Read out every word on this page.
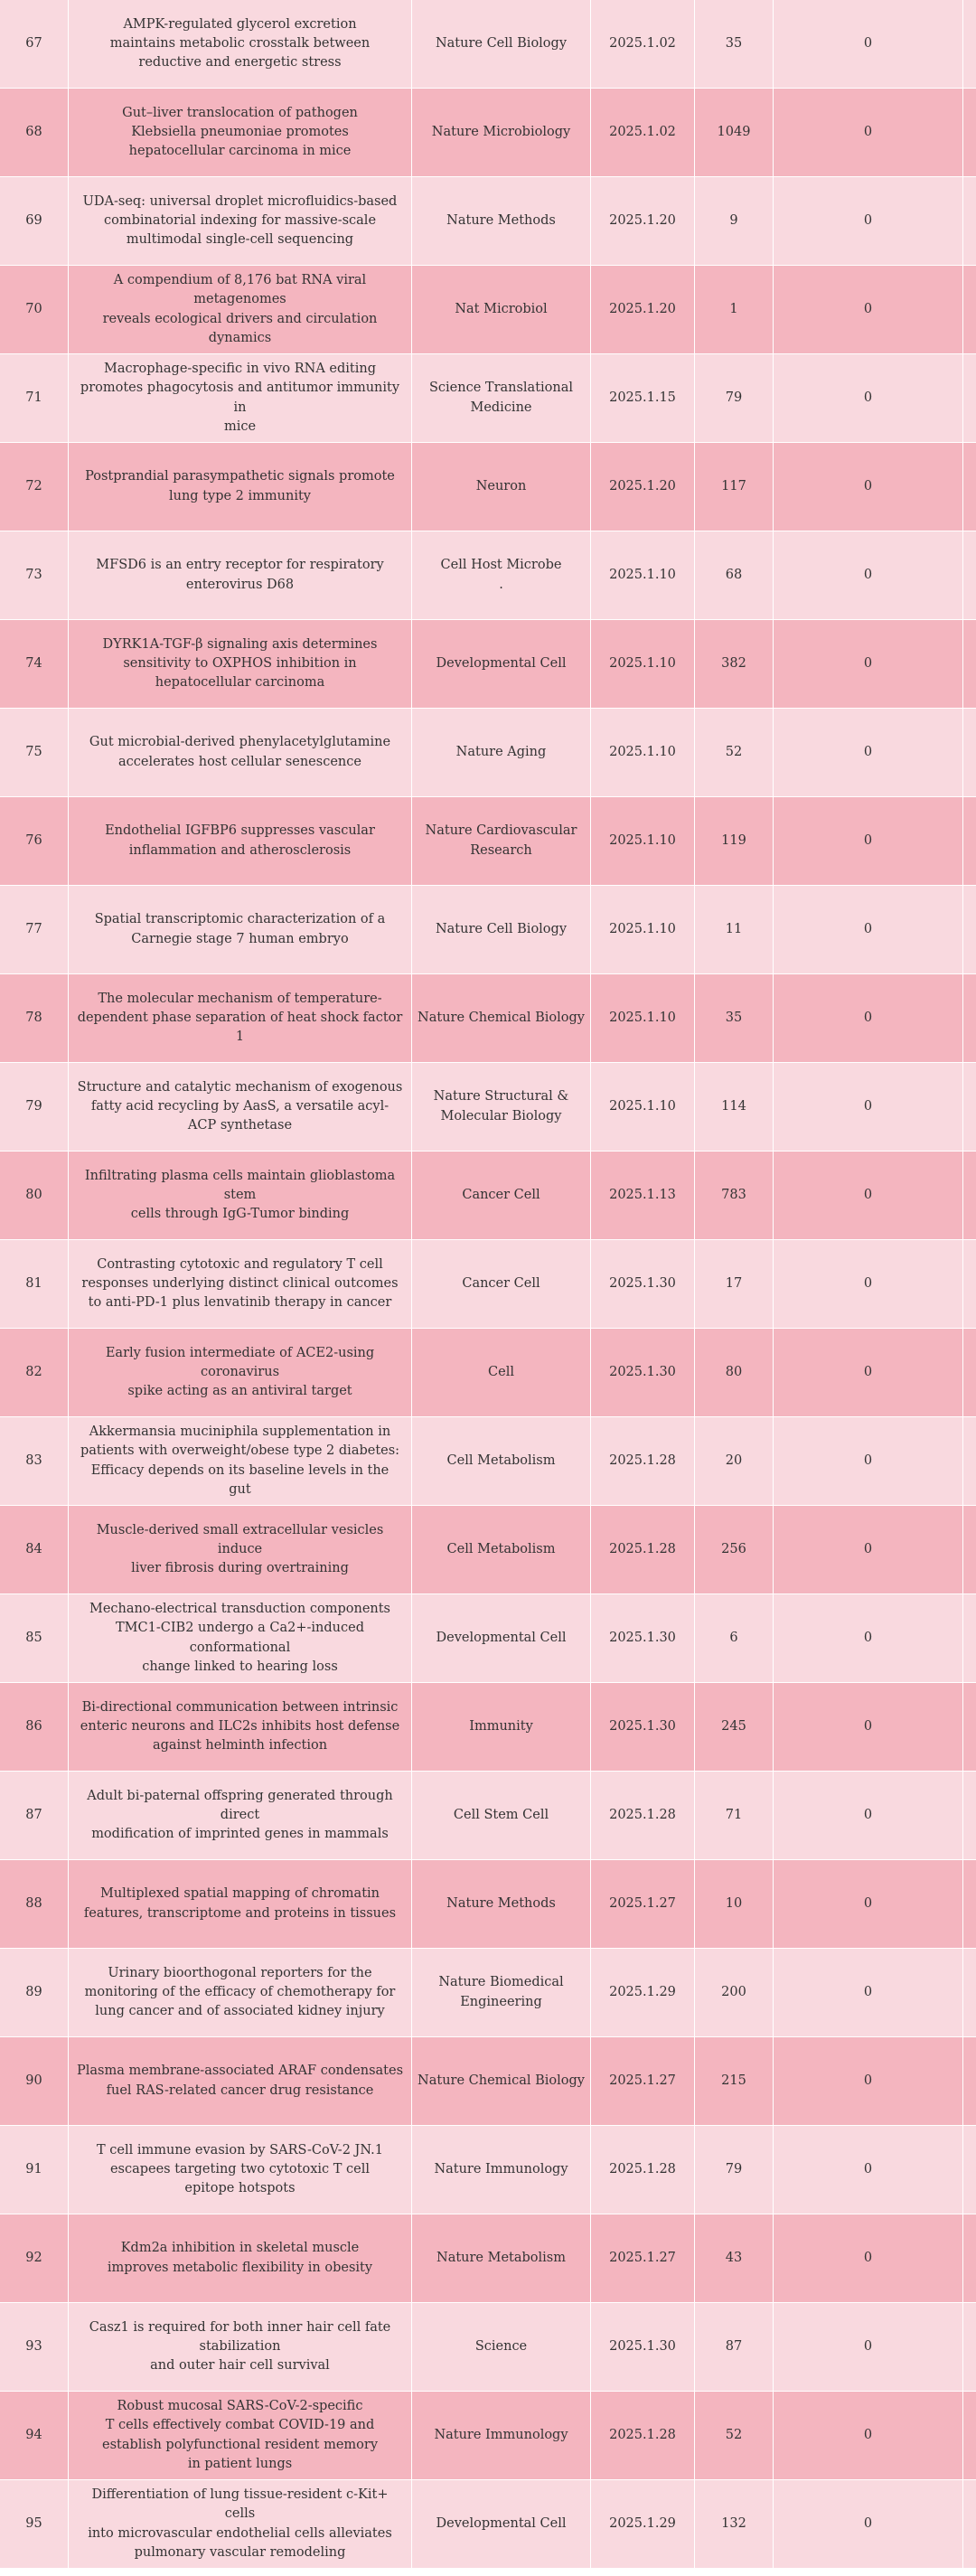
67
AMPK-regulated glycerol excretion
maintains metabolic crosstalk between
reductive and energetic stress
Nature Cell Biology	2025.1.02	35	0
68
Gut–liver translocation of pathogen
Klebsiella pneumoniae promotes
hepatocellular carcinoma in mice
Nature Microbiology	2025.1.02	1049	0
69
UDA-seq: universal droplet microfluidics-based
combinatorial indexing for massive-scale
multimodal single-cell sequencing
Nature Methods	2025.1.20	9	0
70
A compendium of 8,176 bat RNA viral metagenomes
reveals ecological drivers and circulation
dynamics
Nat Microbiol	2025.1.20	1	0
71
Macrophage-specific in vivo RNA editing
promotes phagocytosis and antitumor immunity in
mice
Science Translational
Medicine
2025.1.15	79	0
72
Postprandial parasympathetic signals promote
lung type 2 immunity
Neuron	2025.1.20	117	0
73
MFSD6 is an entry receptor for respiratory
enterovirus D68
Cell Host Microbe
.
2025.1.10	68	0
74
DYRK1A-TGF-β signaling axis determines
sensitivity to OXPHOS inhibition in
hepatocellular carcinoma
Developmental Cell	2025.1.10	382	0
75
Gut microbial-derived phenylacetylglutamine
accelerates host cellular senescence
Nature Aging	2025.1.10	52	0
76
Endothelial IGFBP6 suppresses vascular
inflammation and atherosclerosis
Nature Cardiovascular
Research
2025.1.10	119	0
77
Spatial transcriptomic characterization of a
Carnegie stage 7 human embryo
Nature Cell Biology	2025.1.10	11	0
78
The molecular mechanism of temperature-
dependent phase separation of heat shock factor
1
Nature Chemical Biology	2025.1.10	35	0
79
Structure and catalytic mechanism of exogenous
fatty acid recycling by AasS, a versatile acyl-
ACP synthetase
Nature Structural &
Molecular Biology
2025.1.10	114	0
80
Infiltrating plasma cells maintain glioblastoma
stem
cells through IgG-Tumor binding
Cancer Cell	2025.1.13	783	0
81
Contrasting cytotoxic and regulatory T cell
responses underlying distinct clinical outcomes
to anti-PD-1 plus lenvatinib therapy in cancer
Cancer Cell	2025.1.30	17	0
82
Early fusion intermediate of ACE2-using
coronavirus
spike acting as an antiviral target
Cell	2025.1.30	80	0
83
Akkermansia muciniphila supplementation in
patients with overweight/obese type 2 diabetes:
Efficacy depends on its baseline levels in the
gut
Cell Metabolism	2025.1.28	20	0
84
Muscle-derived small extracellular vesicles
induce
liver fibrosis during overtraining
Cell Metabolism	2025.1.28	256	0
85
Mechano-electrical transduction components
TMC1-CIB2 undergo a Ca2+-induced conformational
change linked to hearing loss
Developmental Cell	2025.1.30	6	0
86
Bi-directional communication between intrinsic
enteric neurons and ILC2s inhibits host defense
against helminth infection
Immunity	2025.1.30	245	0
87
Adult bi-paternal offspring generated through
direct
modification of imprinted genes in mammals
Cell Stem Cell	2025.1.28	71	0
88
Multiplexed spatial mapping of chromatin
features, transcriptome and proteins in tissues
Nature Methods	2025.1.27	10	0
89
Urinary bioorthogonal reporters for the
monitoring of the efficacy of chemotherapy for
lung cancer and of associated kidney injury
Nature Biomedical
Engineering
2025.1.29	200	0
90
Plasma membrane-associated ARAF condensates
fuel RAS-related cancer drug resistance
Nature Chemical Biology	2025.1.27	215	0
91
T cell immune evasion by SARS-CoV-2 JN.1
escapees targeting two cytotoxic T cell
epitope hotspots
Nature Immunology	2025.1.28	79	0
92
Kdm2a inhibition in skeletal muscle
improves metabolic flexibility in obesity
Nature Metabolism	2025.1.27	43	0
93
Casz1 is required for both inner hair cell fate
stabilization
and outer hair cell survival
Science	2025.1.30	87	0
94
Robust mucosal SARS-CoV-2-specific
T cells effectively combat COVID-19 and
establish polyfunctional resident memory
in patient lungs
Nature Immunology	2025.1.28	52	0
95
Differentiation of lung tissue-resident c-Kit+
cells
into microvascular endothelial cells alleviates
pulmonary vascular remodeling
Developmental Cell	2025.1.29	132	0
